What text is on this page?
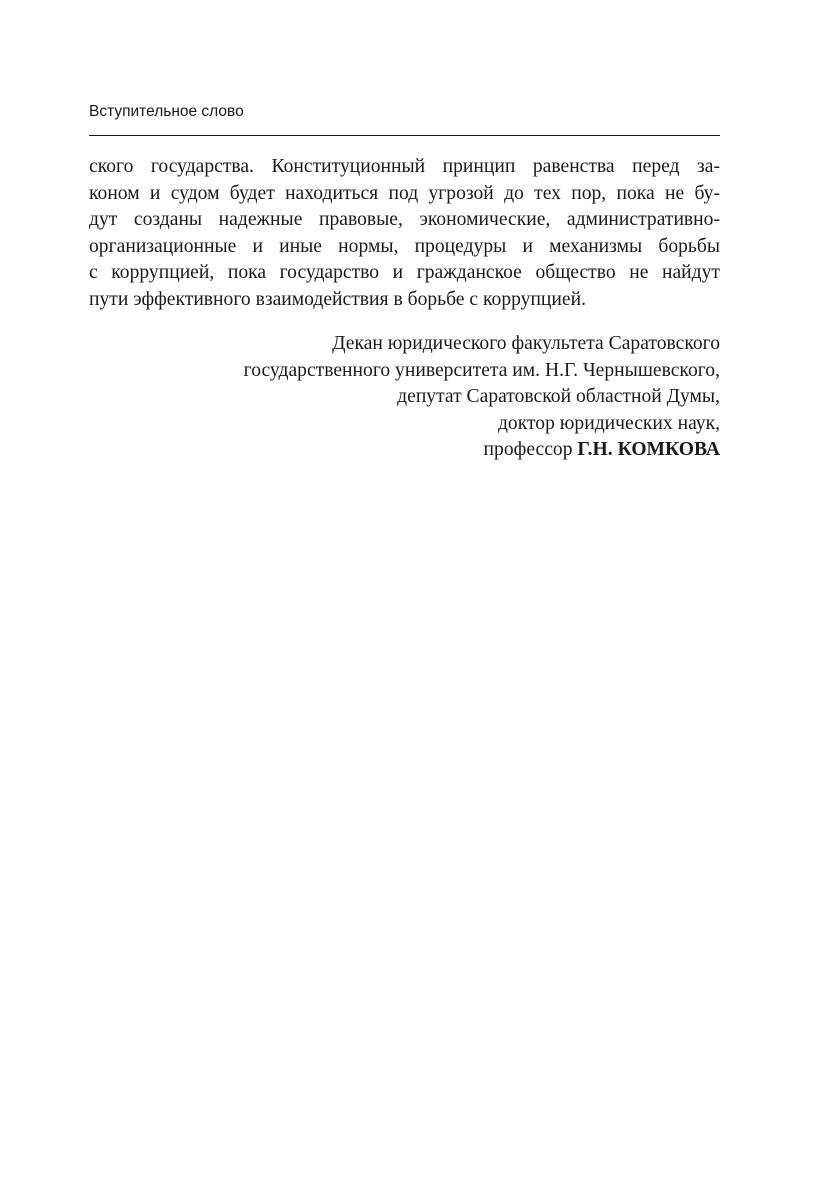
Вступительное слово
ского государства. Конституционный принцип равенства перед за-
коном и судом будет находиться под угрозой до тех пор, пока не бу-
дут созданы надежные правовые, экономические, административно-
организационные и иные нормы, процедуры и механизмы борьбы
с коррупцией, пока государство и гражданское общество не найдут
пути эффективного взаимодействия в борьбе с коррупцией.
Декан юридического факультета Саратовского
государственного университета им. Н.Г. Чернышевского,
депутат Саратовской областной Думы,
доктор юридических наук,
профессор Г.Н. КОМКОВА
